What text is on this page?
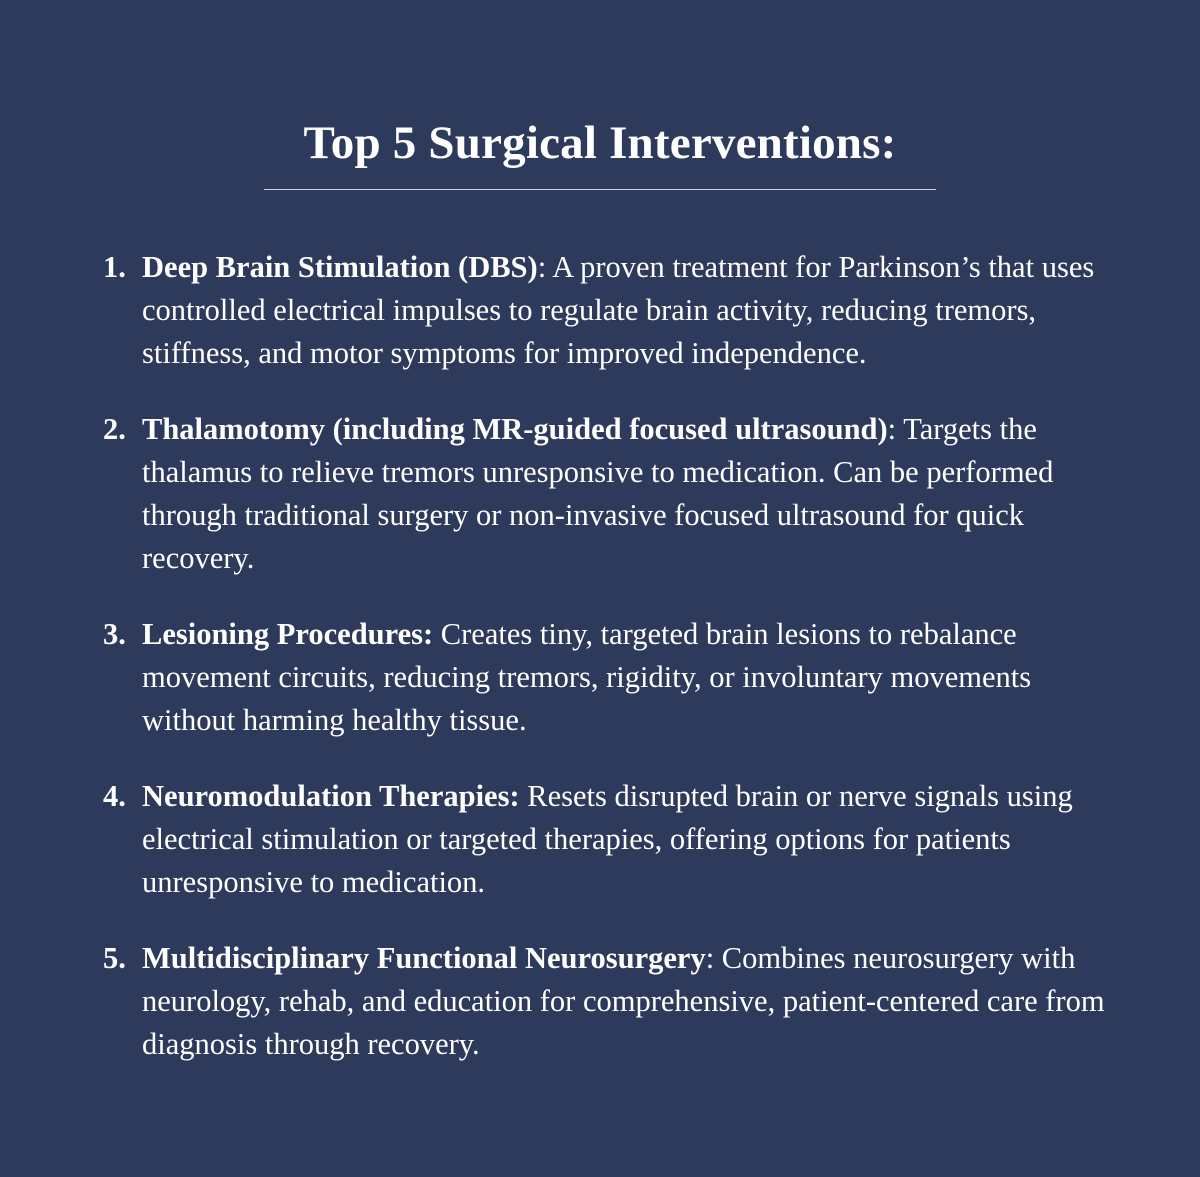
Top 5 Surgical Interventions:
1. Deep Brain Stimulation (DBS): A proven treatment for Parkinson’s that uses controlled electrical impulses to regulate brain activity, reducing tremors, stiffness, and motor symptoms for improved independence.
2. Thalamotomy (including MR-guided focused ultrasound): Targets the thalamus to relieve tremors unresponsive to medication. Can be performed through traditional surgery or non-invasive focused ultrasound for quick recovery.
3. Lesioning Procedures: Creates tiny, targeted brain lesions to rebalance movement circuits, reducing tremors, rigidity, or involuntary movements without harming healthy tissue.
4. Neuromodulation Therapies: Resets disrupted brain or nerve signals using electrical stimulation or targeted therapies, offering options for patients unresponsive to medication.
5. Multidisciplinary Functional Neurosurgery: Combines neurosurgery with neurology, rehab, and education for comprehensive, patient-centered care from diagnosis through recovery.
